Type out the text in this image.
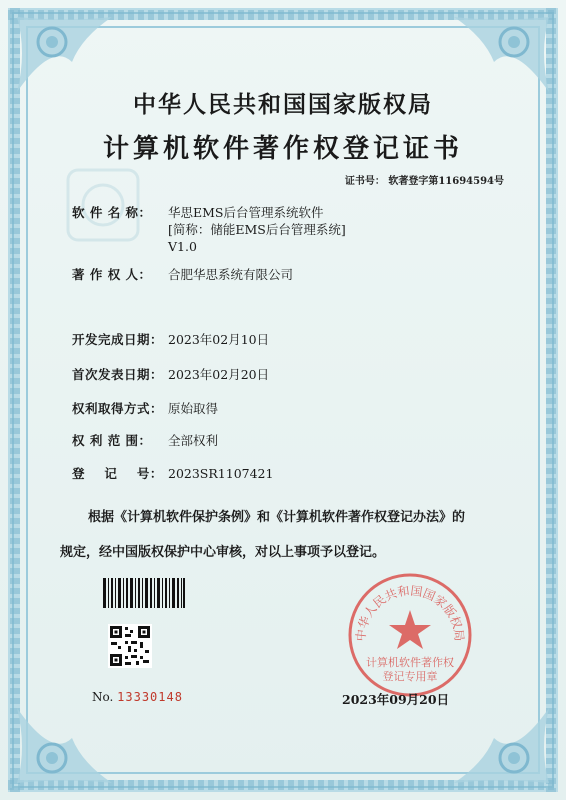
中华人民共和国国家版权局
计算机软件著作权登记证书
证书号： 软著登字第11694594号
软 件 名 称： 华思EMS后台管理系统软件
[简称：储能EMS后台管理系统]
V1.0
著 作 权 人： 合肥华思系统有限公司
开发完成日期： 2023年02月10日
首次发表日期： 2023年02月20日
权利取得方式： 原始取得
权 利 范 围： 全部权利
登    记    号： 2023SR1107421
根据《计算机软件保护条例》和《计算机软件著作权登记办法》的
规定，经中国版权保护中心审核，对以上事项予以登记。
No. 13330148
中华人民共和国国家版权局
计算机软件著作权
登记专用章
2023年09月20日
